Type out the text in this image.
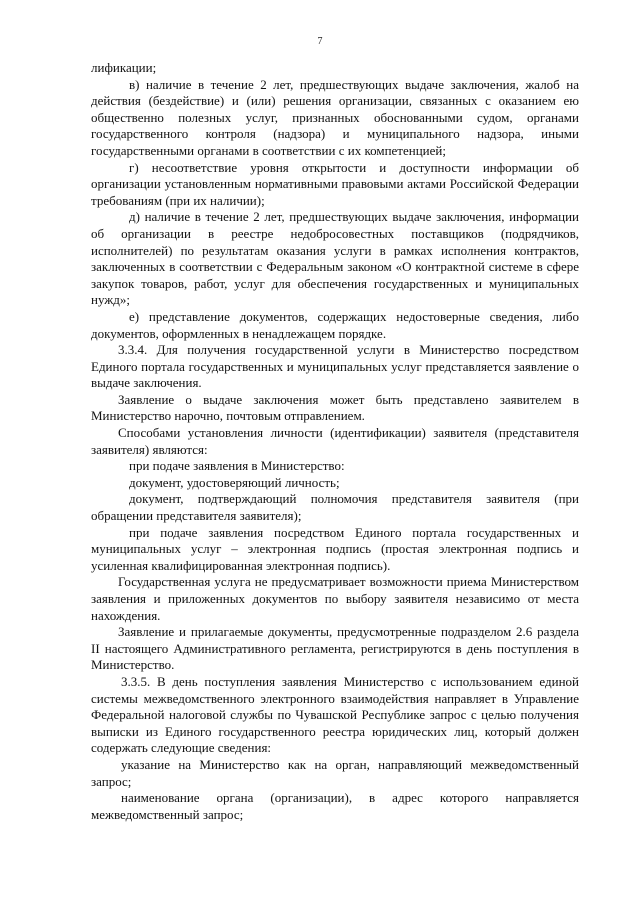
7

лификации;

в) наличие в течение 2 лет, предшествующих выдаче заключения, жалоб на действия (бездействие) и (или) решения организации, связанных с оказанием ею общественно полезных услуг, признанных обоснованными судом, органами государственного контроля (надзора) и муниципального надзора, иными государственными органами в соответствии с их компетенцией;

г) несоответствие уровня открытости и доступности информации об организации установленным нормативными правовыми актами Российской Федерации требованиям (при их наличии);

д) наличие в течение 2 лет, предшествующих выдаче заключения, информации об организации в реестре недобросовестных поставщиков (подрядчиков, исполнителей) по результатам оказания услуги в рамках исполнения контрактов, заключенных в соответствии с Федеральным законом «О контрактной системе в сфере закупок товаров, работ, услуг для обеспечения государственных и муниципальных нужд»;

е) представление документов, содержащих недостоверные сведения, либо документов, оформленных в ненадлежащем порядке.

3.3.4. Для получения государственной услуги в Министерство посредством Единого портала государственных и муниципальных услуг представляется заявление о выдаче заключения.

Заявление о выдаче заключения может быть представлено заявителем в Министерство нарочно, почтовым отправлением.

Способами установления личности (идентификации) заявителя (представителя заявителя) являются:

при подаче заявления в Министерство:

документ, удостоверяющий личность;

документ, подтверждающий полномочия представителя заявителя (при обращении представителя заявителя);

при подаче заявления посредством Единого портала государственных и муниципальных услуг – электронная подпись (простая электронная подпись и усиленная квалифицированная электронная подпись).

Государственная услуга не предусматривает возможности приема Министерством заявления и приложенных документов по выбору заявителя независимо от места нахождения.

Заявление и прилагаемые документы, предусмотренные подразделом 2.6 раздела II настоящего Административного регламента, регистрируются в день поступления в Министерство.

3.3.5. В день поступления заявления Министерство с использованием единой системы межведомственного электронного взаимодействия направляет в Управление Федеральной налоговой службы по Чувашской Республике запрос с целью получения выписки из Единого государственного реестра юридических лиц, который должен содержать следующие сведения:

указание на Министерство как на орган, направляющий межведомственный запрос;

наименование органа (организации), в адрес которого направляется межведомственный запрос;
